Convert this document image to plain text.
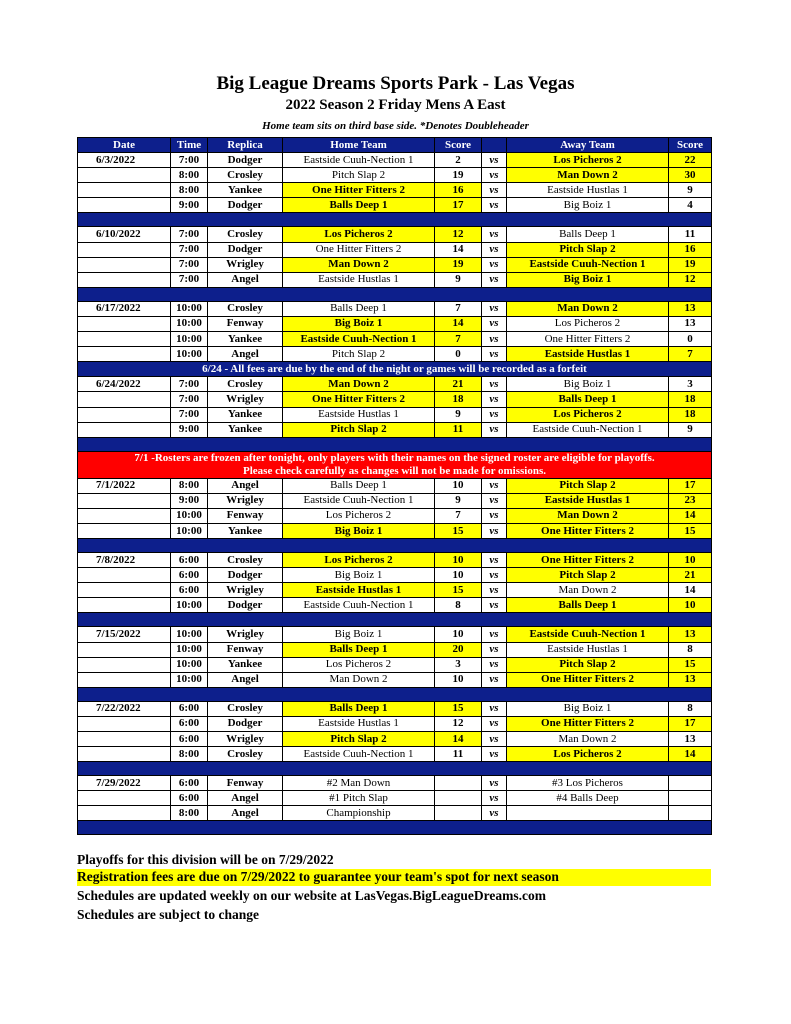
Big League Dreams Sports Park - Las Vegas
2022 Season 2 Friday Mens A East
Home team sits on third base side. *Denotes Doubleheader
Date	Time	Replica	Home Team	Score		Away Team	Score
6/3/2022	7:00	Dodger	Eastside Cuuh-Nection 1	2	vs	Los Picheros 2	22
	8:00	Crosley	Pitch Slap 2	19	vs	Man Down 2	30
	8:00	Yankee	One Hitter Fitters 2	16	vs	Eastside Hustlas 1	9
	9:00	Dodger	Balls Deep 1	17	vs	Big Boiz 1	4

6/10/2022	7:00	Crosley	Los Picheros 2	12	vs	Balls Deep 1	11
	7:00	Dodger	One Hitter Fitters 2	14	vs	Pitch Slap 2	16
	7:00	Wrigley	Man Down 2	19	vs	Eastside Cuuh-Nection 1	19
	7:00	Angel	Eastside Hustlas 1	9	vs	Big Boiz 1	12

6/17/2022	10:00	Crosley	Balls Deep 1	7	vs	Man Down 2	13
	10:00	Fenway	Big Boiz 1	14	vs	Los Picheros 2	13
	10:00	Yankee	Eastside Cuuh-Nection 1	7	vs	One Hitter Fitters 2	0
	10:00	Angel	Pitch Slap 2	0	vs	Eastside Hustlas 1	7
6/24 - All fees are due by the end of the night or games will be recorded as a forfeit							
6/24/2022	7:00	Crosley	Man Down 2	21	vs	Big Boiz 1	3
	7:00	Wrigley	One Hitter Fitters 2	18	vs	Balls Deep 1	18
	7:00	Yankee	Eastside Hustlas 1	9	vs	Los Picheros 2	18
	9:00	Yankee	Pitch Slap 2	11	vs	Eastside Cuuh-Nection 1	9

7/1 -Rosters are frozen after tonight, only players with their names on the signed roster are eligible for playoffs.
Please check carefully as changes will not be made for omissions.							

7/1/2022	8:00	Angel	Balls Deep 1	10	vs	Pitch Slap 2	17
	9:00	Wrigley	Eastside Cuuh-Nection 1	9	vs	Eastside Hustlas 1	23
	10:00	Fenway	Los Picheros 2	7	vs	Man Down 2	14
	10:00	Yankee	Big Boiz 1	15	vs	One Hitter Fitters 2	15

7/8/2022	6:00	Crosley	Los Picheros 2	10	vs	One Hitter Fitters 2	10
	6:00	Dodger	Big Boiz 1	10	vs	Pitch Slap 2	21
	6:00	Wrigley	Eastside Hustlas 1	15	vs	Man Down 2	14
	10:00	Dodger	Eastside Cuuh-Nection 1	8	vs	Balls Deep 1	10

7/15/2022	10:00	Wrigley	Big Boiz 1	10	vs	Eastside Cuuh-Nection 1	13
	10:00	Fenway	Balls Deep 1	20	vs	Eastside Hustlas 1	8
	10:00	Yankee	Los Picheros 2	3	vs	Pitch Slap 2	15
	10:00	Angel	Man Down 2	10	vs	One Hitter Fitters 2	13

7/22/2022	6:00	Crosley	Balls Deep 1	15	vs	Big Boiz 1	8
	6:00	Dodger	Eastside Hustlas 1	12	vs	One Hitter Fitters 2	17
	6:00	Wrigley	Pitch Slap 2	14	vs	Man Down 2	13
	8:00	Crosley	Eastside Cuuh-Nection 1	11	vs	Los Picheros 2	14

7/29/2022	6:00	Fenway	#2 Man Down		vs	#3 Los Picheros	
	6:00	Angel	#1 Pitch Slap		vs	#4 Balls Deep	
	8:00	Angel	Championship		vs		

Playoffs for this division will be on 7/29/2022
Registration fees are due on 7/29/2022 to guarantee your team's spot for next season
Schedules are updated weekly on our website at LasVegas.BigLeagueDreams.com
Schedules are subject to change
